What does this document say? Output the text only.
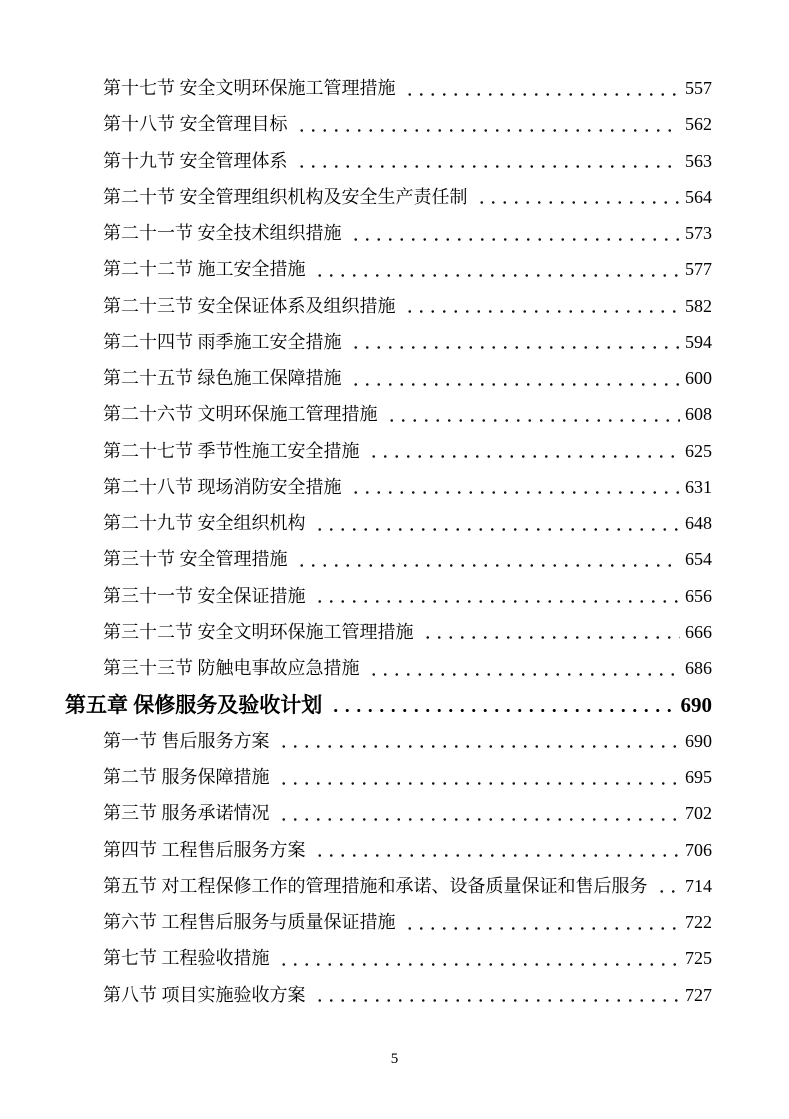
第十七节 安全文明环保施工管理措施	557
第十八节 安全管理目标	562
第十九节 安全管理体系	563
第二十节 安全管理组织机构及安全生产责任制	564
第二十一节 安全技术组织措施	573
第二十二节 施工安全措施	577
第二十三节 安全保证体系及组织措施	582
第二十四节 雨季施工安全措施	594
第二十五节 绿色施工保障措施	600
第二十六节 文明环保施工管理措施	608
第二十七节 季节性施工安全措施	625
第二十八节 现场消防安全措施	631
第二十九节 安全组织机构	648
第三十节 安全管理措施	654
第三十一节 安全保证措施	656
第三十二节 安全文明环保施工管理措施	666
第三十三节 防触电事故应急措施	686
第五章 保修服务及验收计划	690
第一节 售后服务方案	690
第二节 服务保障措施	695
第三节 服务承诺情况	702
第四节 工程售后服务方案	706
第五节 对工程保修工作的管理措施和承诺、设备质量保证和售后服务 714
第六节 工程售后服务与质量保证措施	722
第七节 工程验收措施	725
第八节 项目实施验收方案	727
5
